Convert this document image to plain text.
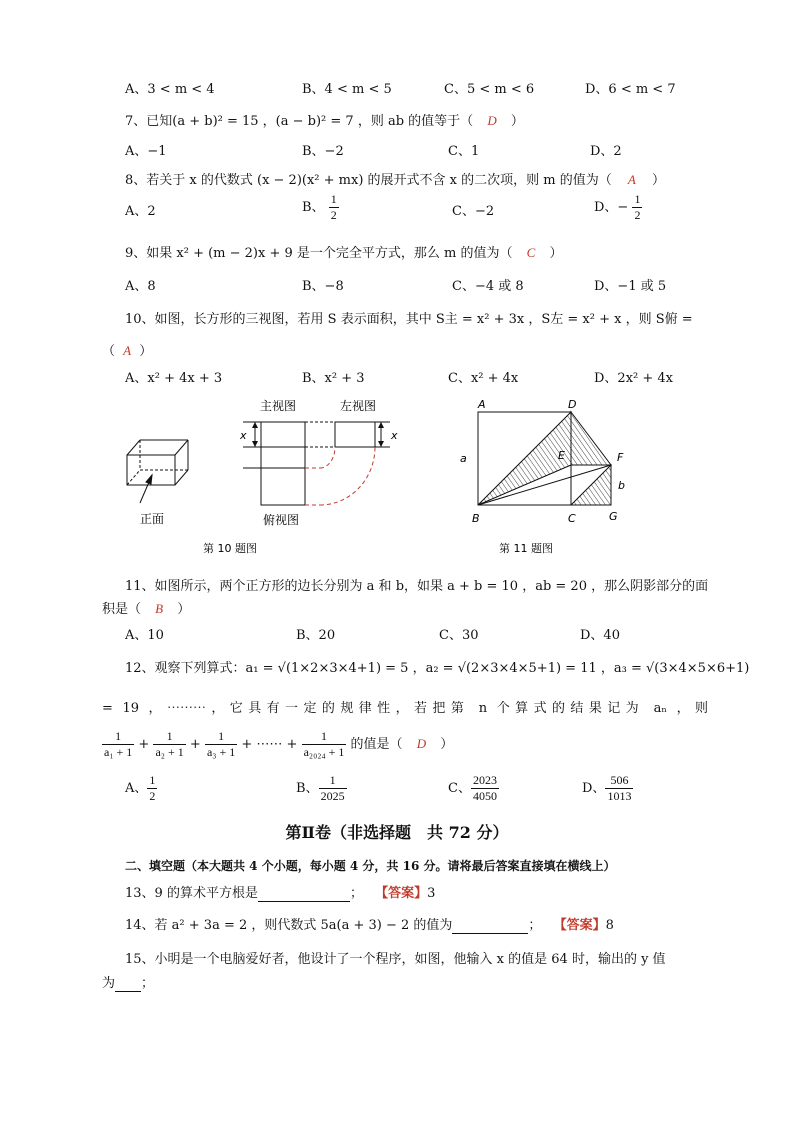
A、3 < m < 4	B、4 < m < 5	C、5 < m < 6	D、6 < m < 7
7、已知(a + b)² = 15 ，(a − b)² = 7 ，则 ab 的值等于（ D ）
A、−1	B、−2	C、1	D、2
8、若关于 x 的代数式 (x − 2)(x² + mx) 的展开式不含 x 的二次项，则 m 的值为（ A ）
A、2	B、 $\frac{1}{2}$	C、−2	D、− $\frac{1}{2}$
9、如果 x² + (m − 2)x + 9 是一个完全平方式，那么 m 的值为（ C ）
A、8	B、−8	C、−4 或 8	D、−1 或 5
10、如图，长方形的三视图，若用 S 表示面积，其中 S主 = x² + 3x ，S左 = x² + x ，则 S俯 =
（ A ）
A、x² + 4x + 3	B、x² + 3	C、x² + 4x	D、2x² + 4x
正面
主视图	左视图
x	x
俯视图
第 10 题图
A	D
F
E
B	C	G
a
b
第 11 题图
11、如图所示，两个正方形的边长分别为 a 和 b，如果 a + b = 10 ，ab = 20 ，那么阴影部分的面
积是（ B ）
A、10	B、20	C、30	D、40
12、观察下列算式：a₁ = √(1×2×3×4+1) = 5 ，a₂ = √(2×3×4×5+1) = 11 ，a₃ = √(3×4×5×6+1)
= 19 ，⋯⋯⋯，它具有一定的规律性，若把第 n 个算式的结果记为 aₙ ，则
$\frac{1}{\text{a₁ + 1}} + \frac{1}{\text{a₂ + 1}} + \frac{1}{\text{a₃ + 1}}$ + ⋯⋯ + $\frac{1}{\text{a₂₀₂₄ + 1}}$ 的值是（ D ）
A、 $\frac{1}{2}$	B、 $\frac{1}{2025}$	C、 $\frac{2023}{4050}$	D、 $\frac{506}{1013}$
第Ⅱ卷（非选择题　共 72 分）
二、填空题（本大题共 4 个小题，每小题 4 分，共 16 分。请将最后答案直接填在横线上）
13、9 的算术平方根是	； 【答案】3
14、若 a² + 3a = 2 ，则代数式 5a(a + 3) − 2 的值为	； 【答案】8
15、小明是一个电脑爱好者，他设计了一个程序，如图，他输入 x 的值是 64 时，输出的 y 值
为 ；
